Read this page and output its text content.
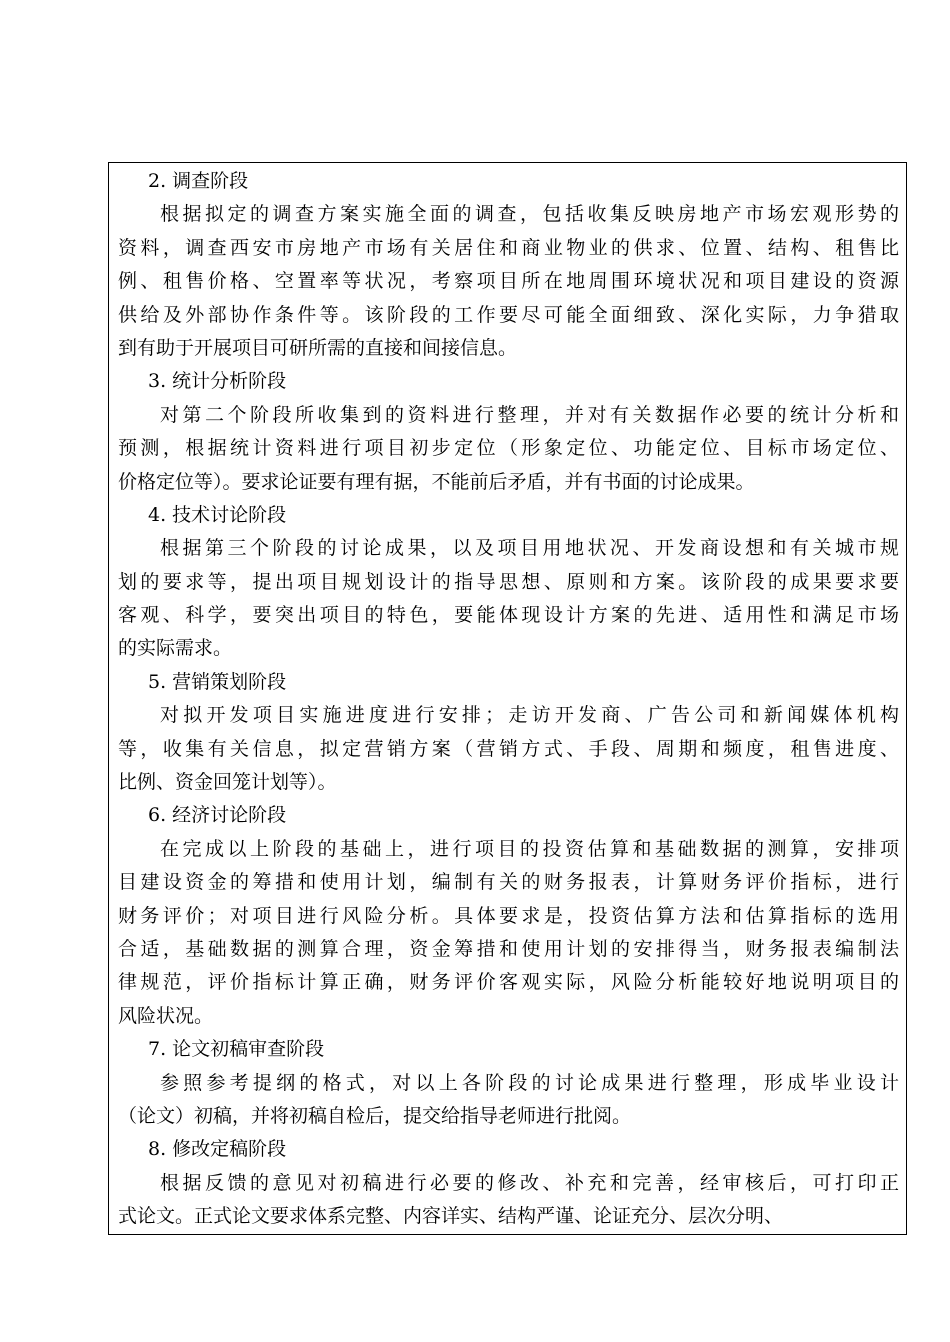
2. 调查阶段
根据拟定的调查方案实施全面的调查，包括收集反映房地产市场宏观形势的
资料，调查西安市房地产市场有关居住和商业物业的供求、位置、结构、租售比
例、租售价格、空置率等状况，考察项目所在地周围环境状况和项目建设的资源
供给及外部协作条件等。该阶段的工作要尽可能全面细致、深化实际，力争猎取
到有助于开展项目可研所需的直接和间接信息。
3. 统计分析阶段
对第二个阶段所收集到的资料进行整理，并对有关数据作必要的统计分析和
预测，根据统计资料进行项目初步定位（形象定位、功能定位、目标市场定位、
价格定位等）。要求论证要有理有据，不能前后矛盾，并有书面的讨论成果。
4. 技术讨论阶段
根据第三个阶段的讨论成果，以及项目用地状况、开发商设想和有关城市规
划的要求等，提出项目规划设计的指导思想、原则和方案。该阶段的成果要求要
客观、科学，要突出项目的特色，要能体现设计方案的先进、适用性和满足市场
的实际需求。
5. 营销策划阶段
对拟开发项目实施进度进行安排；走访开发商、广告公司和新闻媒体机构
等，收集有关信息，拟定营销方案（营销方式、手段、周期和频度，租售进度、
比例、资金回笼计划等）。
6. 经济讨论阶段
在完成以上阶段的基础上，进行项目的投资估算和基础数据的测算，安排项
目建设资金的筹措和使用计划，编制有关的财务报表，计算财务评价指标，进行
财务评价；对项目进行风险分析。具体要求是，投资估算方法和估算指标的选用
合适，基础数据的测算合理，资金筹措和使用计划的安排得当，财务报表编制法
律规范，评价指标计算正确，财务评价客观实际，风险分析能较好地说明项目的
风险状况。
7. 论文初稿审查阶段
参照参考提纲的格式，对以上各阶段的讨论成果进行整理，形成毕业设计
（论文）初稿，并将初稿自检后，提交给指导老师进行批阅。
8. 修改定稿阶段
根据反馈的意见对初稿进行必要的修改、补充和完善，经审核后，可打印正
式论文。正式论文要求体系完整、内容详实、结构严谨、论证充分、层次分明、
